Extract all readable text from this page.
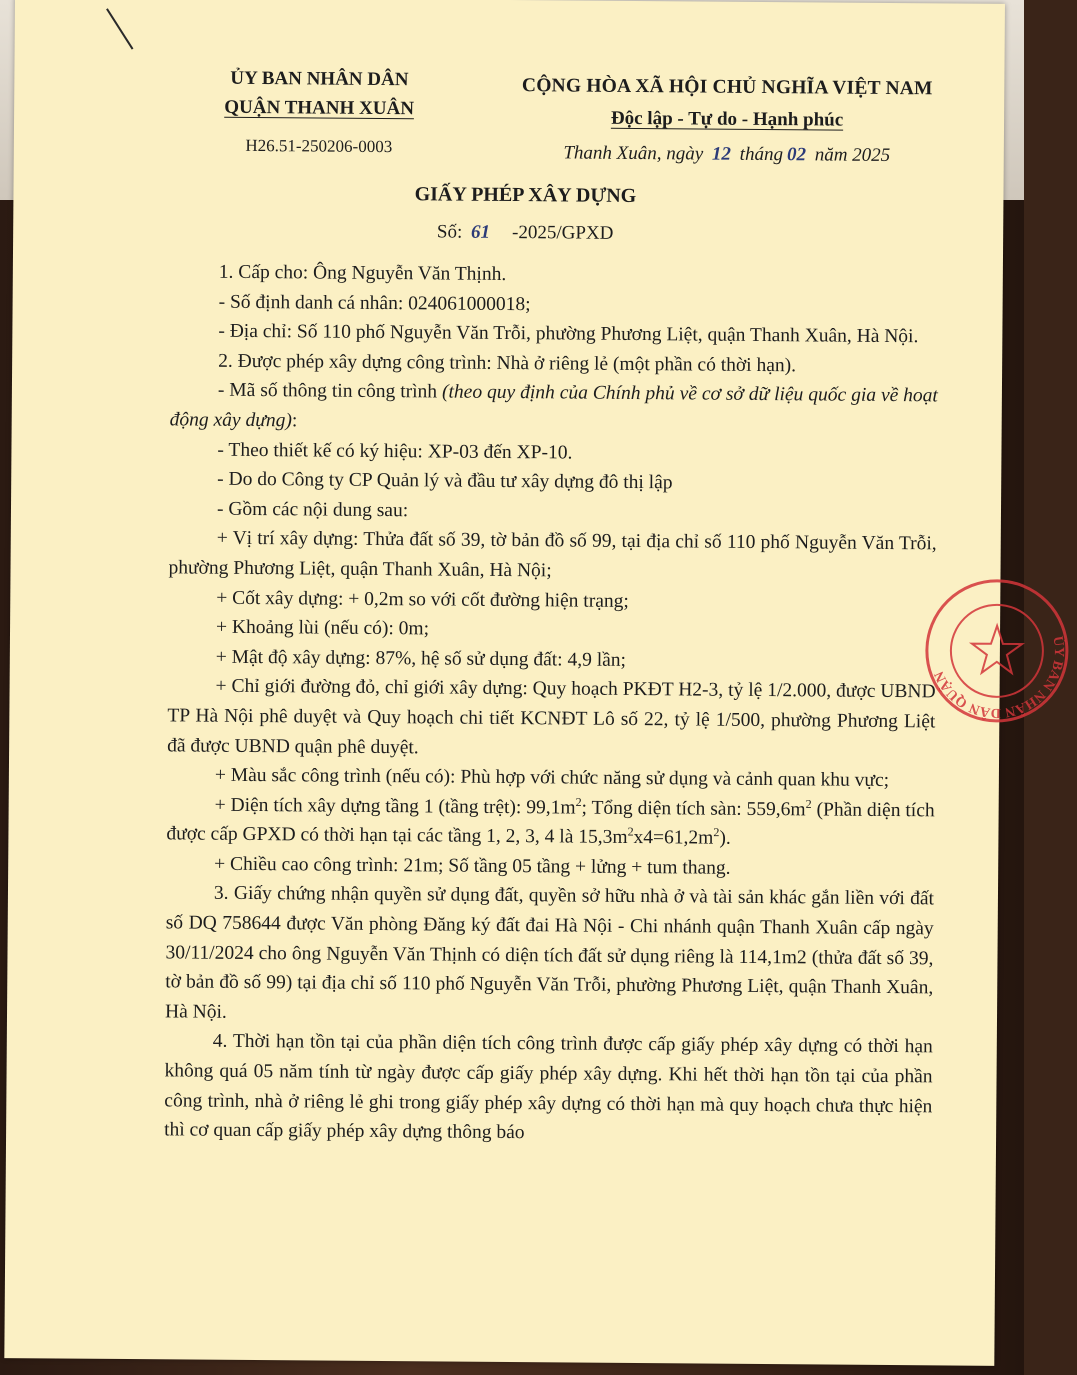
ỦY BAN NHÂN DÂN
QUẬN THANH XUÂN
H26.51-250206-0003
CỘNG HÒA XÃ HỘI CHỦ NGHĨA VIỆT NAM
Độc lập - Tự do - Hạnh phúc
Thanh Xuân, ngày 12 tháng 02 năm 2025
GIẤY PHÉP XÂY DỰNG
Số: 61 -2025/GPXD

1. Cấp cho: Ông Nguyễn Văn Thịnh.

- Số định danh cá nhân: 024061000018;

- Địa chỉ: Số 110 phố Nguyễn Văn Trỗi, phường Phương Liệt, quận Thanh Xuân, Hà Nội.

2. Được phép xây dựng công trình: Nhà ở riêng lẻ (một phần có thời hạn).

- Mã số thông tin công trình (theo quy định của Chính phủ về cơ sở dữ liệu quốc gia về hoạt động xây dựng):

- Theo thiết kế có ký hiệu: XP-03 đến XP-10.

- Do do Công ty CP Quản lý và đầu tư xây dựng đô thị lập

- Gồm các nội dung sau:

+ Vị trí xây dựng: Thửa đất số 39, tờ bản đồ số 99, tại địa chỉ số 110 phố Nguyễn Văn Trỗi, phường Phương Liệt, quận Thanh Xuân, Hà Nội;

+ Cốt xây dựng: + 0,2m so với cốt đường hiện trạng;

+ Khoảng lùi (nếu có): 0m;

+ Mật độ xây dựng: 87%, hệ số sử dụng đất: 4,9 lần;

+ Chỉ giới đường đỏ, chỉ giới xây dựng: Quy hoạch PKĐT H2-3, tỷ lệ 1/2.000, được UBND TP Hà Nội phê duyệt và Quy hoạch chi tiết KCNĐT Lô số 22, tỷ lệ 1/500, phường Phương Liệt đã được UBND quận phê duyệt.

+ Màu sắc công trình (nếu có): Phù hợp với chức năng sử dụng và cảnh quan khu vực;

+ Diện tích xây dựng tầng 1 (tầng trệt): $99,1m^2$; Tổng diện tích sàn: $559,6m^2$ (Phần diện tích được cấp GPXD có thời hạn tại các tầng 1, 2, 3, 4 là $15,3m^2x4=61,2m^2$).

+ Chiều cao công trình: 21m; Số tầng 05 tầng + lửng + tum thang.

3. Giấy chứng nhận quyền sử dụng đất, quyền sở hữu nhà ở và tài sản khác gắn liền với đất số DQ 758644 được Văn phòng Đăng ký đất đai Hà Nội - Chi nhánh quận Thanh Xuân cấp ngày 30/11/2024 cho ông Nguyễn Văn Thịnh có diện tích đất sử dụng riêng là 114,1m2 (thửa đất số 39, tờ bản đồ số 99) tại địa chỉ số 110 phố Nguyễn Văn Trỗi, phường Phương Liệt, quận Thanh Xuân, Hà Nội.

4. Thời hạn tồn tại của phần diện tích công trình được cấp giấy phép xây dựng có thời hạn không quá 05 năm tính từ ngày được cấp giấy phép xây dựng. Khi hết thời hạn tồn tại của phần công trình, nhà ở riêng lẻ ghi trong giấy phép xây dựng có thời hạn mà quy hoạch chưa thực hiện thì cơ quan cấp giấy phép xây dựng thông báo

ỦY BAN NHÂN DÂN QUẬN
